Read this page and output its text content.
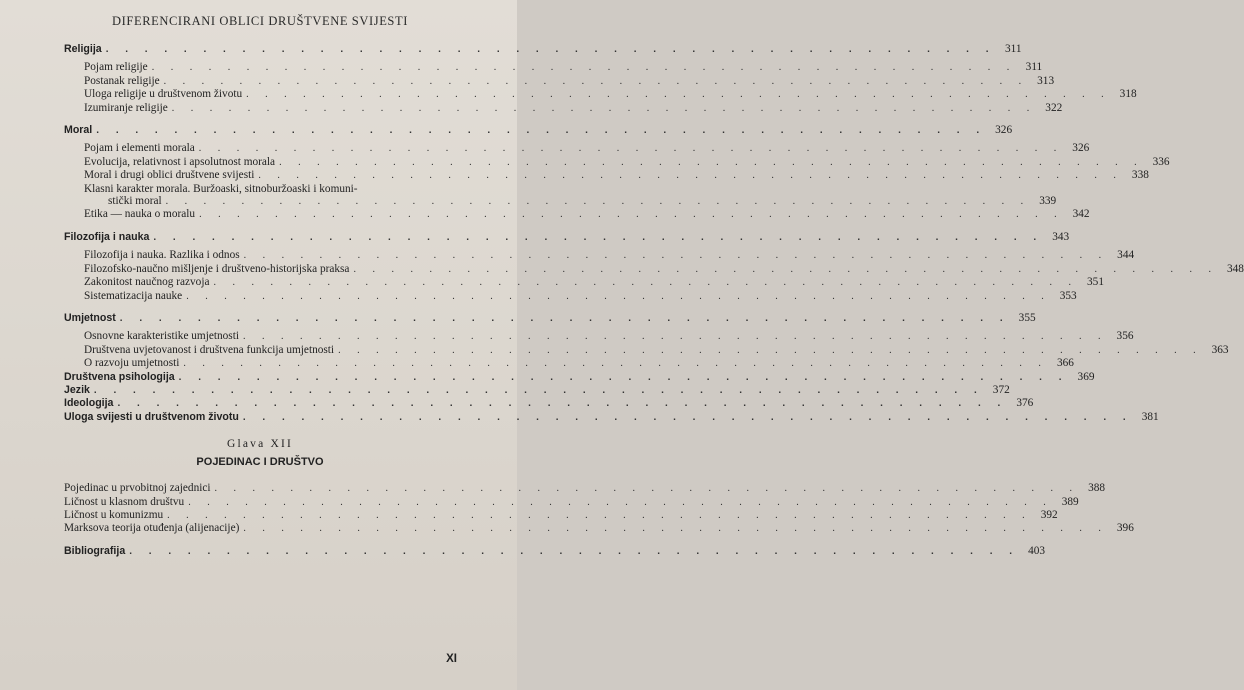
DIFERENCIRANI OBLICI DRUŠTVENE SVIJESTI
Religija . . . . . . . . . . . . . . . . . . . . . . . . . . . . . . . . . . . . . . . . . . . . . . 311
Pojam religije . . . . . . . . . . . . . . . . . . . . . . . . . . . . . . . . . . . . . . . . . . . . . . 311
Postanak religije . . . . . . . . . . . . . . . . . . . . . . . . . . . . . . . . . . . . . . . . . . . . . . 313
Uloga religije u društvenom životu . . . . . . . . . . . . . . . . . . . . . . . . . . . . . . . . . . . . . . . . . . . . . . 318
Izumiranje religije . . . . . . . . . . . . . . . . . . . . . . . . . . . . . . . . . . . . . . . . . . . . . . 322
Moral . . . . . . . . . . . . . . . . . . . . . . . . . . . . . . . . . . . . . . . . . . . . . . 326
Pojam i elementi morala . . . . . . . . . . . . . . . . . . . . . . . . . . . . . . . . . . . . . . . . . . . . . . 326
Evolucija, relativnost i apsolutnost morala . . . . . . . . . . . . . . . . . . . . . . . . . . . . . . . . . . . . . . . . . . . . . . 336
Moral i drugi oblici društvene svijesti . . . . . . . . . . . . . . . . . . . . . . . . . . . . . . . . . . . . . . . . . . . . . . 338
Klasni karakter morala. Buržoaski, sitnoburžoaski i komuni-
stički moral . . . . . . . . . . . . . . . . . . . . . . . . . . . . . . . . . . . . . . . . . . . . . . 339
Etika — nauka o moralu . . . . . . . . . . . . . . . . . . . . . . . . . . . . . . . . . . . . . . . . . . . . . . 342
Filozofija i nauka . . . . . . . . . . . . . . . . . . . . . . . . . . . . . . . . . . . . . . . . . . . . . . 343
Filozofija i nauka. Razlika i odnos . . . . . . . . . . . . . . . . . . . . . . . . . . . . . . . . . . . . . . . . . . . . . . 344
Filozofsko-naučno mišljenje i društveno-historijska praksa . . . . . . . . . . . . . . . . . . . . . . . . . . . . . . . . . . . . . . . . . . . . . . 348
Zakonitost naučnog razvoja . . . . . . . . . . . . . . . . . . . . . . . . . . . . . . . . . . . . . . . . . . . . . . 351
Sistematizacija nauke . . . . . . . . . . . . . . . . . . . . . . . . . . . . . . . . . . . . . . . . . . . . . . 353
Umjetnost . . . . . . . . . . . . . . . . . . . . . . . . . . . . . . . . . . . . . . . . . . . . . . 355
Osnovne karakteristike umjetnosti . . . . . . . . . . . . . . . . . . . . . . . . . . . . . . . . . . . . . . . . . . . . . . 356
Društvena uvjetovanost i društvena funkcija umjetnosti . . . . . . . . . . . . . . . . . . . . . . . . . . . . . . . . . . . . . . . . . . . . . . 363
O razvoju umjetnosti . . . . . . . . . . . . . . . . . . . . . . . . . . . . . . . . . . . . . . . . . . . . . . 366
Društvena psihologija . . . . . . . . . . . . . . . . . . . . . . . . . . . . . . . . . . . . . . . . . . . . . . 369
Jezik . . . . . . . . . . . . . . . . . . . . . . . . . . . . . . . . . . . . . . . . . . . . . . 372
Ideologija . . . . . . . . . . . . . . . . . . . . . . . . . . . . . . . . . . . . . . . . . . . . . . 376
Uloga svijesti u društvenom životu . . . . . . . . . . . . . . . . . . . . . . . . . . . . . . . . . . . . . . . . . . . . . . 381
Glava XII
POJEDINAC I DRUŠTVO
Pojedinac u prvobitnoj zajednici . . . . . . . . . . . . . . . . . . . . . . . . . . . . . . . . . . . . . . . . . . . . . . 388
Ličnost u klasnom društvu . . . . . . . . . . . . . . . . . . . . . . . . . . . . . . . . . . . . . . . . . . . . . . 389
Ličnost u komunizmu . . . . . . . . . . . . . . . . . . . . . . . . . . . . . . . . . . . . . . . . . . . . . . 392
Marksova teorija otuđenja (alijenacije) . . . . . . . . . . . . . . . . . . . . . . . . . . . . . . . . . . . . . . . . . . . . . . 396
Bibliografija . . . . . . . . . . . . . . . . . . . . . . . . . . . . . . . . . . . . . . . . . . . . . . 403
XI
